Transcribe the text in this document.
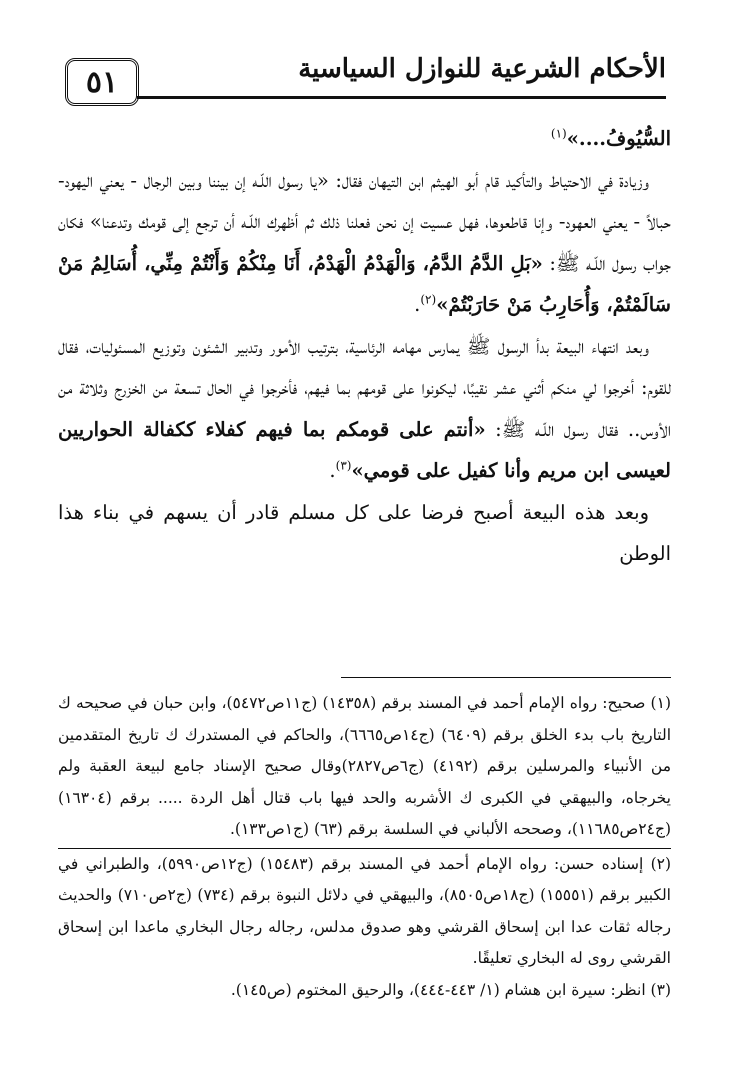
٥١	الأحكام الشرعية للنوازل السياسية

السُّيُوفُ....»$^{(١)}$

وزيادة في الاحتياط والتأكيد قام أبو الهيثم ابن التيهان فقال: «يا رسول اللّـه إن بيننا وبين الرجال - يعني اليهود- حبالاً - يعني العهود- وإنا قاطعوها، فهل عسيت إن نحن فعلنا ذلك ثم أظهرك اللّـه أن ترجع إلى قومك وتدعنا» فكان جواب رسول اللّـه ﷺ: «بَلِ الدَّمُ الدَّمُ، وَالْهَدْمُ الْهَدْمُ، أَنَا مِنْكُمْ وَأَنْتُمْ مِنِّي، أُسَالِمُ مَنْ سَالَمْتُمْ، وَأُحَارِبُ مَنْ حَارَبْتُمْ»$^{(٢)}$.

وبعد انتهاء البيعة بدأ الرسول ﷺ يمارس مهامه الرئاسية، بترتيب الأمور وتدبير الشئون وتوزيع المسئوليات، فقال للقوم: أخرجوا لي منكم أثني عشر نقيبًا، ليكونوا على قومهم بما فيهم، فأخرجوا في الحال تسعة من الخزرج وثلاثة من الأوس.. فقال رسول اللّـه ﷺ: «أنتم على قومكم بما فيهم كفلاء ككفالة الحواريين لعيسى ابن مريم وأنا كفيل على قومي»$^{(٣)}$.

وبعد هذه البيعة أصبح فرضا على كل مسلم قادر أن يسهم في بناء هذا الوطن

(١) صحيح: رواه الإمام أحمد في المسند برقم (١٤٣٥٨) (ج١١ص٥٤٧٢)، وابن حبان في صحيحه ك التاريخ باب بدء الخلق برقم (٦٤٠٩) (ج١٤ص٦٦٦٥)، والحاكم في المستدرك ك تاريخ المتقدمين من الأنبياء والمرسلين برقم (٤١٩٢) (ج٦ص٢٨٢٧)وقال صحيح الإسناد جامع لبيعة العقبة ولم يخرجاه، والبيهقي في الكبرى ك الأشربه والحد فيها باب قتال أهل الردة ..... برقم (١٦٣٠٤) (ج٢٤ص١١٦٨٥)، وصححه الألباني في السلسة برقم (٦٣) (ج١ص١٣٣).

(٢) إسناده حسن: رواه الإمام أحمد في المسند برقم (١٥٤٨٣) (ج١٢ص٥٩٩٠)، والطبراني في الكبير برقم (١٥٥٥١) (ج١٨ص٨٥٠٥)، والبيهقي في دلائل النبوة برقم (٧٣٤) (ج٢ص٧١٠) والحديث رجاله ثقات عدا ابن إسحاق القرشي وهو صدوق مدلس، رجاله رجال البخاري ماعدا ابن إسحاق القرشي روى له البخاري تعليقًا.

(٣) انظر: سيرة ابن هشام (١/ ٤٤٣-٤٤٤)، والرحيق المختوم (ص١٤٥).
